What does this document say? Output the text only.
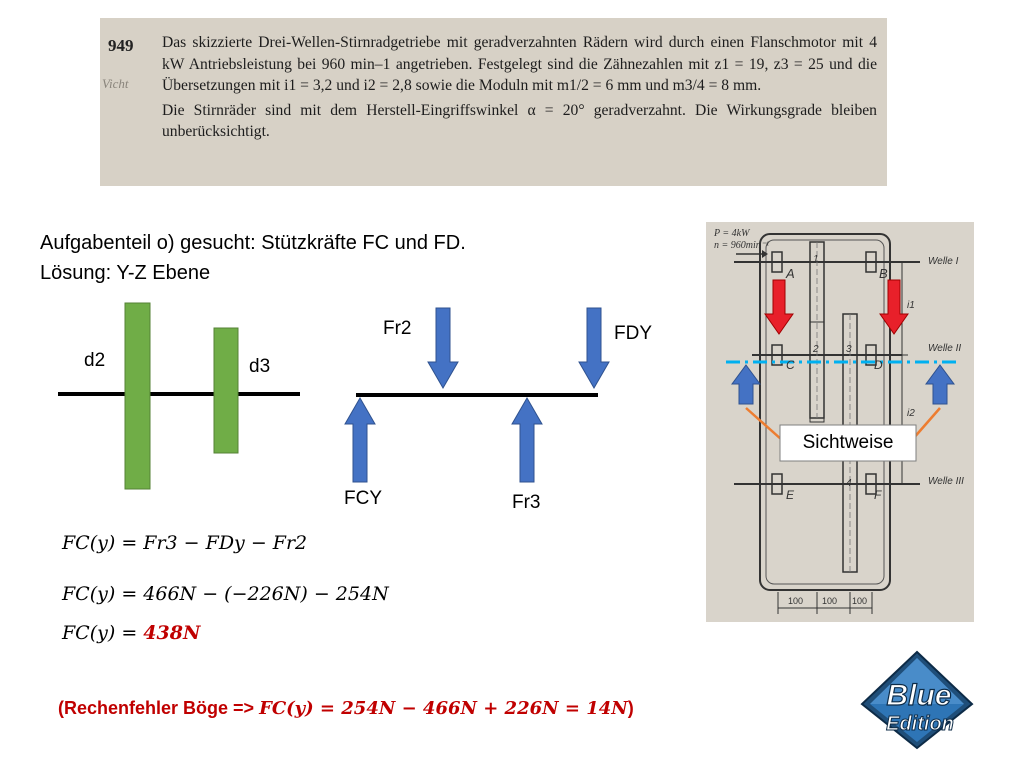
949
Vicht

Das skizzierte Drei-Wellen-Stirnradgetriebe mit geradverzahnten Rädern wird durch einen Flanschmotor mit 4 kW Antriebsleistung bei 960 min–1 angetrieben. Festgelegt sind die Zähnezahlen mit z1 = 19, z3 = 25 und die Übersetzungen mit i1 = 3,2 und i2 = 2,8 sowie die Moduln mit m1/2 = 6 mm und m3/4 = 8 mm.

Die Stirnräder sind mit dem Herstell-Eingriffswinkel α = 20° geradverzahnt. Die Wirkungsgrade bleiben unberücksichtigt.

Aufgabenteil o) gesucht: Stützkräfte FC und FD.
Lösung: Y-Z Ebene
d2	d3
Fr2	FDY
FCY	Fr3
FC(y) = Fr3 − FDy − Fr2
FC(y) = 466N − (−226N) − 254N
FC(y) = 438N
(Rechenfehler Böge => FC(y) = 254N − 466N + 226N = 14N)
P = 4kW
n = 960min⁻¹
A	B
C	D
E	F
1
2	3
4
i1
i2
Welle I
Welle II
Welle III
100 100 100
Sichtweise
Blue
Edition
